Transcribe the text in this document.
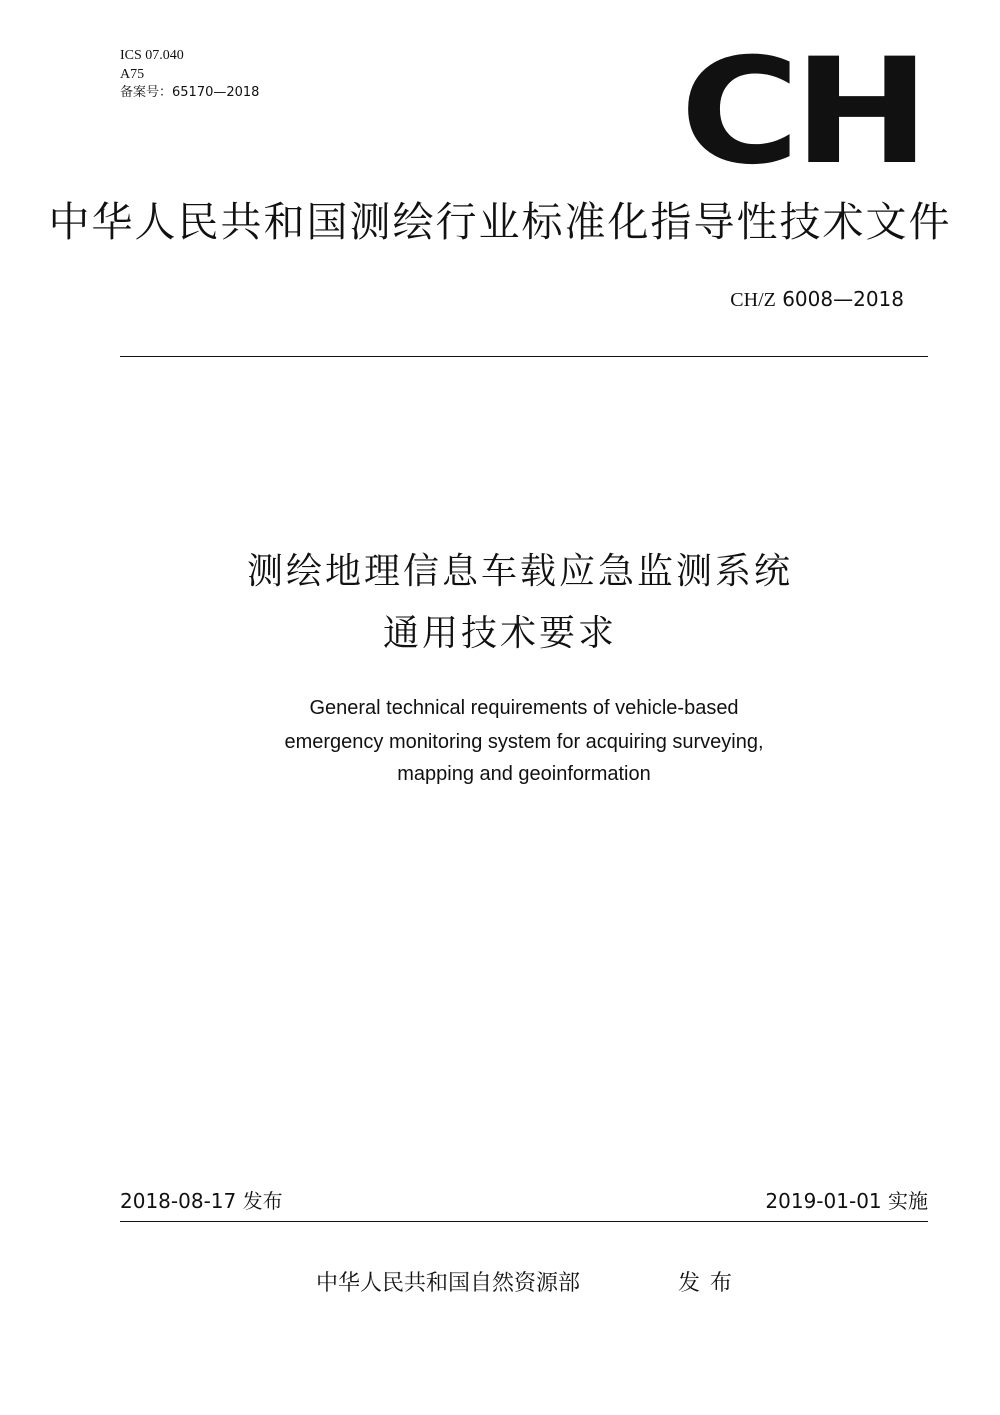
ICS 07.040
A75
备案号：65170—2018	CH
中华人民共和国测绘行业标准化指导性技术文件
CH/Z 6008—2018
测绘地理信息车载应急监测系统
通用技术要求
General technical requirements of vehicle-based
emergency monitoring system for acquiring surveying,
mapping and geoinformation
2018-08-17 发布	2019-01-01 实施
中华人民共和国自然资源部	发布
